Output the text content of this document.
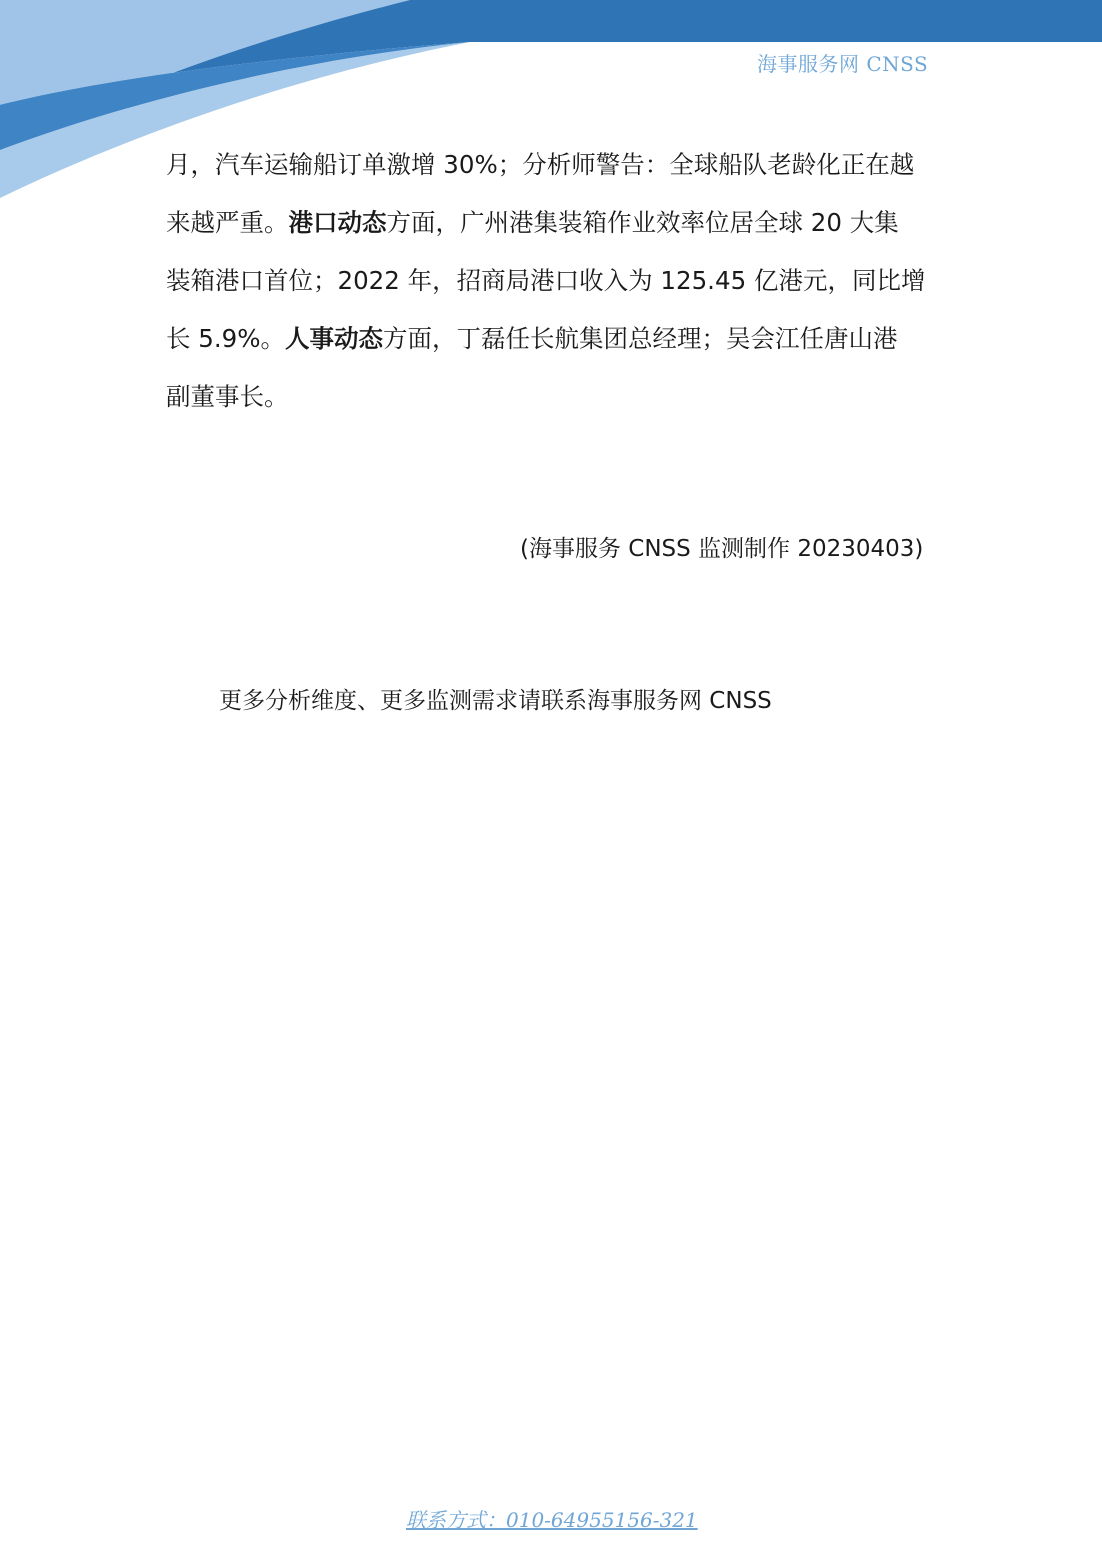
海事服务网 CNSS
月，汽车运输船订单激增 30%；分析师警告：全球船队老龄化正在越
来越严重。港口动态方面，广州港集装箱作业效率位居全球 20 大集
装箱港口首位；2022 年，招商局港口收入为 125.45 亿港元，同比增
长 5.9%。人事动态方面，丁磊任长航集团总经理；吴会江任唐山港
副董事长。
(海事服务 CNSS 监测制作 20230403)
更多分析维度、更多监测需求请联系海事服务网 CNSS
联系方式：010-64955156-321
